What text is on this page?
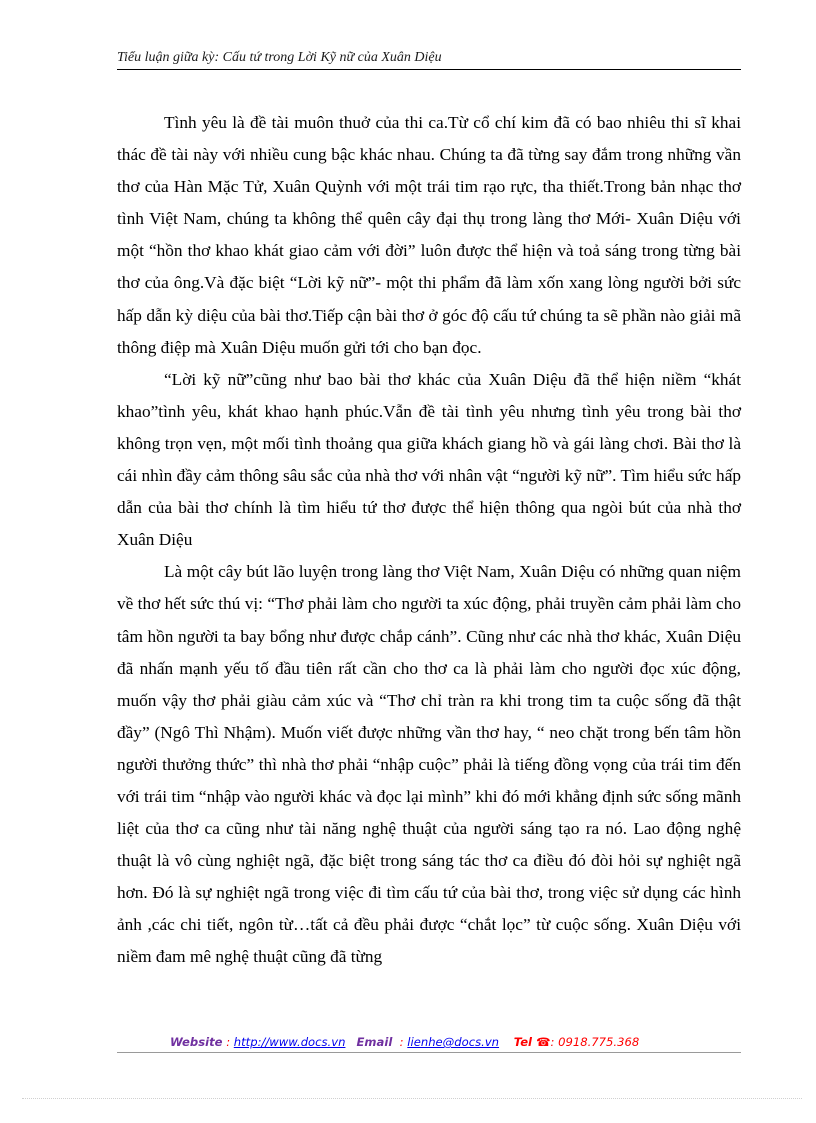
Tiểu luận giữa kỳ: Cấu tứ trong Lời Kỹ nữ của Xuân Diệu

Tình yêu là đề tài muôn thuở của thi ca.Từ cổ chí kim đã có bao nhiêu thi sĩ khai thác đề tài này với nhiều cung bậc khác nhau. Chúng ta đã từng say đắm trong những vần thơ của Hàn Mặc Tử, Xuân Quỳnh với một trái tim rạo rực, tha thiết.Trong bản nhạc thơ tình Việt Nam, chúng ta không thể quên cây đại thụ trong làng thơ Mới- Xuân Diệu với một “hồn thơ khao khát giao cảm với đời” luôn được thể hiện và toả sáng trong từng bài thơ của ông.Và đặc biệt “Lời kỹ nữ”- một thi phẩm đã làm xốn xang lòng người bởi sức hấp dẫn kỳ diệu của bài thơ.Tiếp cận bài thơ ở góc độ cấu tứ chúng ta sẽ phần nào giải mã thông điệp mà Xuân Diệu muốn gửi tới cho bạn đọc.

“Lời kỹ nữ”cũng như bao bài thơ khác của Xuân Diệu đã thể hiện niềm “khát khao”tình yêu, khát khao hạnh phúc.Vẫn đề tài tình yêu nhưng tình yêu trong bài thơ không trọn vẹn, một mối tình thoảng qua giữa khách giang hồ và gái làng chơi. Bài thơ là cái nhìn đầy cảm thông sâu sắc của nhà thơ với nhân vật “người kỹ nữ”. Tìm hiểu sức hấp dẫn của bài thơ chính là tìm hiểu tứ thơ được thể hiện thông qua ngòi bút của nhà thơ Xuân Diệu

Là một cây bút lão luyện trong làng thơ Việt Nam, Xuân Diệu có những quan niệm về thơ hết sức thú vị: “Thơ phải làm cho người ta xúc động, phải truyền cảm phải làm cho tâm hồn người ta bay bổng như được chắp cánh”. Cũng như các nhà thơ khác, Xuân Diệu đã nhấn mạnh yếu tố đầu tiên rất cần cho thơ ca là phải làm cho người đọc xúc động, muốn vậy thơ phải giàu cảm xúc và “Thơ chỉ tràn ra khi trong tim ta cuộc sống đã thật đầy” (Ngô Thì Nhậm). Muốn viết được những vần thơ hay, “ neo chặt trong bến tâm hồn người thưởng thức” thì nhà thơ phải “nhập cuộc” phải là tiếng đồng vọng của trái tim đến với trái tim “nhập vào người khác và đọc lại mình” khi đó mới khẳng định sức sống mãnh liệt của thơ ca cũng như tài năng nghệ thuật của người sáng tạo ra nó. Lao động nghệ thuật là vô cùng nghiệt ngã, đặc biệt trong sáng tác thơ ca điều đó đòi hỏi sự nghiệt ngã hơn. Đó là sự nghiệt ngã trong việc đi tìm cấu tứ của bài thơ, trong việc sử dụng các hình ảnh ,các chi tiết, ngôn từ…tất cả đều phải được “chắt lọc” từ cuộc sống. Xuân Diệu với niềm đam mê nghệ thuật cũng đã từng

Website : http://www.docs.vn Email : lienhe@docs.vn Tel ☎: 0918.775.368
